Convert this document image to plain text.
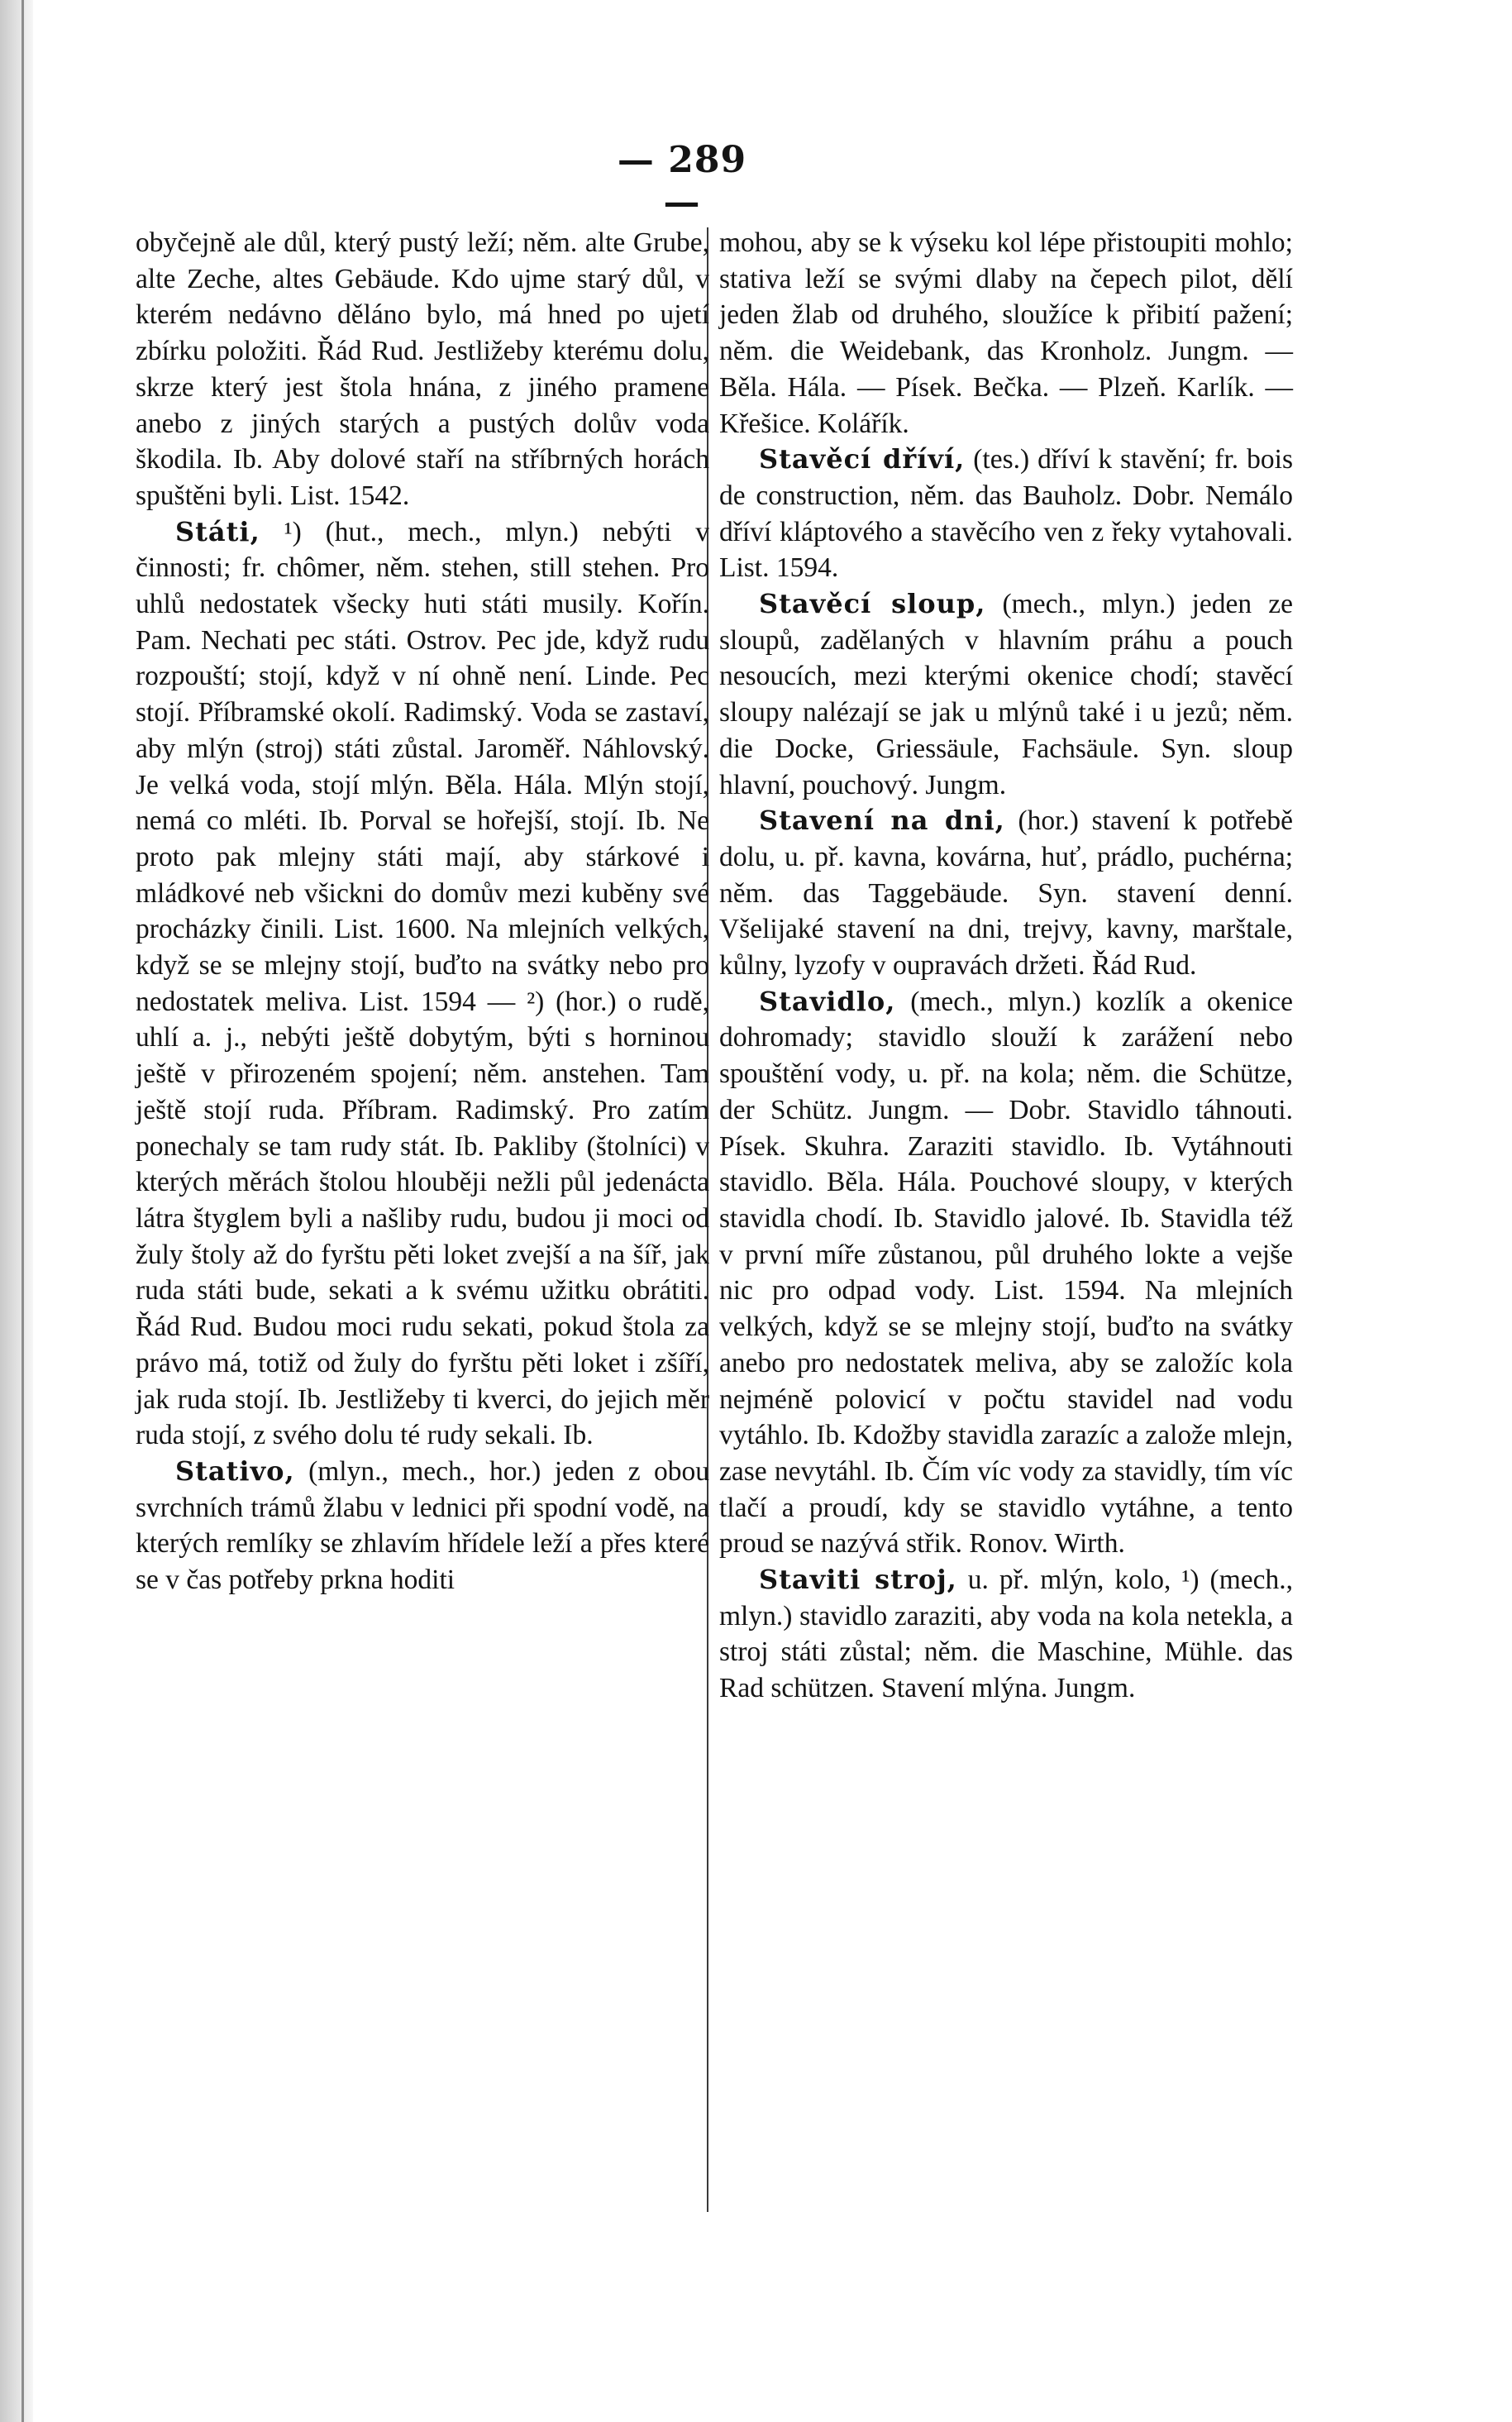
— 289 —

obyčejně ale důl, který pustý leží; něm. alte Grube, alte Zeche, altes Gebäude. Kdo ujme starý důl, v kterém nedávno děláno bylo, má hned po ujetí zbírku položiti. Řád Rud. Jestližeby kterému dolu, skrze který jest štola hnána, z jiného pramene anebo z jiných starých a pustých dolův voda škodila. Ib. Aby dolové staří na stříbrných horách spuštěni byli. List. 1542.

Státi, ¹) (hut., mech., mlyn.) nebýti v činnosti; fr. chômer, něm. stehen, still stehen. Pro uhlů nedostatek všecky huti státi musily. Kořín. Pam. Nechati pec státi. Ostrov. Pec jde, když rudu rozpouští; stojí, když v ní ohně není. Linde. Pec stojí. Příbramské okolí. Radimský. Voda se zastaví, aby mlýn (stroj) státi zůstal. Jaroměř. Náhlovský. Je velká voda, stojí mlýn. Běla. Hála. Mlýn stojí, nemá co mléti. Ib. Porval se hořejší, stojí. Ib. Ne proto pak mlejny státi mají, aby stárkové i mládkové neb všickni do domův mezi kuběny své procházky činili. List. 1600. Na mlejních velkých, když se se mlejny stojí, buďto na svátky nebo pro nedostatek meliva. List. 1594 — ²) (hor.) o rudě, uhlí a. j., nebýti ještě dobytým, býti s horninou ještě v přirozeném spojení; něm. anstehen. Tam ještě stojí ruda. Příbram. Radimský. Pro zatím ponechaly se tam rudy stát. Ib. Pakliby (štolníci) v kterých měrách štolou hlouběji nežli půl jedenácta látra štyglem byli a našliby rudu, budou ji moci od žuly štoly až do fyrštu pěti loket zvejší a na šíř, jak ruda státi bude, sekati a k svému užitku obrátiti. Řád Rud. Budou moci rudu sekati, pokud štola za právo má, totiž od žuly do fyrštu pěti loket i zšíří, jak ruda stojí. Ib. Jestližeby ti kverci, do jejich měr ruda stojí, z svého dolu té rudy sekali. Ib.

Stativo, (mlyn., mech., hor.) jeden z obou svrchních trámů žlabu v lednici při spodní vodě, na kterých remlíky se zhlavím hřídele leží a přes které se v čas potřeby prkna hoditi

mohou, aby se k výseku kol lépe přistoupiti mohlo; stativa leží se svými dlaby na čepech pilot, dělí jeden žlab od druhého, sloužíce k přibití pažení; něm. die Weidebank, das Kronholz. Jungm. — Běla. Hála. — Písek. Bečka. — Plzeň. Karlík. — Křešice. Kolářík.

Stavěcí dříví, (tes.) dříví k stavění; fr. bois de construction, něm. das Bauholz. Dobr. Nemálo dříví kláptového a stavěcího ven z řeky vytahovali. List. 1594.

Stavěcí sloup, (mech., mlyn.) jeden ze sloupů, zadělaných v hlavním práhu a pouch nesoucích, mezi kterými okenice chodí; stavěcí sloupy nalézají se jak u mlýnů také i u jezů; něm. die Docke, Griessäule, Fachsäule. Syn. sloup hlavní, pouchový. Jungm.

Stavení na dni, (hor.) stavení k potřebě dolu, u. př. kavna, kovárna, huť, prádlo, puchérna; něm. das Taggebäude. Syn. stavení denní. Všelijaké stavení na dni, trejvy, kavny, marštale, kůlny, lyzofy v oupravách držeti. Řád Rud.

Stavidlo, (mech., mlyn.) kozlík a okenice dohromady; stavidlo slouží k zarážení nebo spouštění vody, u. př. na kola; něm. die Schütze, der Schütz. Jungm. — Dobr. Stavidlo táhnouti. Písek. Skuhra. Zaraziti stavidlo. Ib. Vytáhnouti stavidlo. Běla. Hála. Pouchové sloupy, v kterých stavidla chodí. Ib. Stavidlo jalové. Ib. Stavidla též v první míře zůstanou, půl druhého lokte a vejše nic pro odpad vody. List. 1594. Na mlejních velkých, když se se mlejny stojí, buďto na svátky anebo pro nedostatek meliva, aby se založíc kola nejméně polovicí v počtu stavidel nad vodu vytáhlo. Ib. Kdožby stavidla zarazíc a založe mlejn, zase nevytáhl. Ib. Čím víc vody za stavidly, tím víc tlačí a proudí, kdy se stavidlo vytáhne, a tento proud se nazývá střik. Ronov. Wirth.

Staviti stroj, u. př. mlýn, kolo, ¹) (mech., mlyn.) stavidlo zaraziti, aby voda na kola netekla, a stroj státi zůstal; něm. die Maschine, Mühle. das Rad schützen. Stavení mlýna. Jungm.
